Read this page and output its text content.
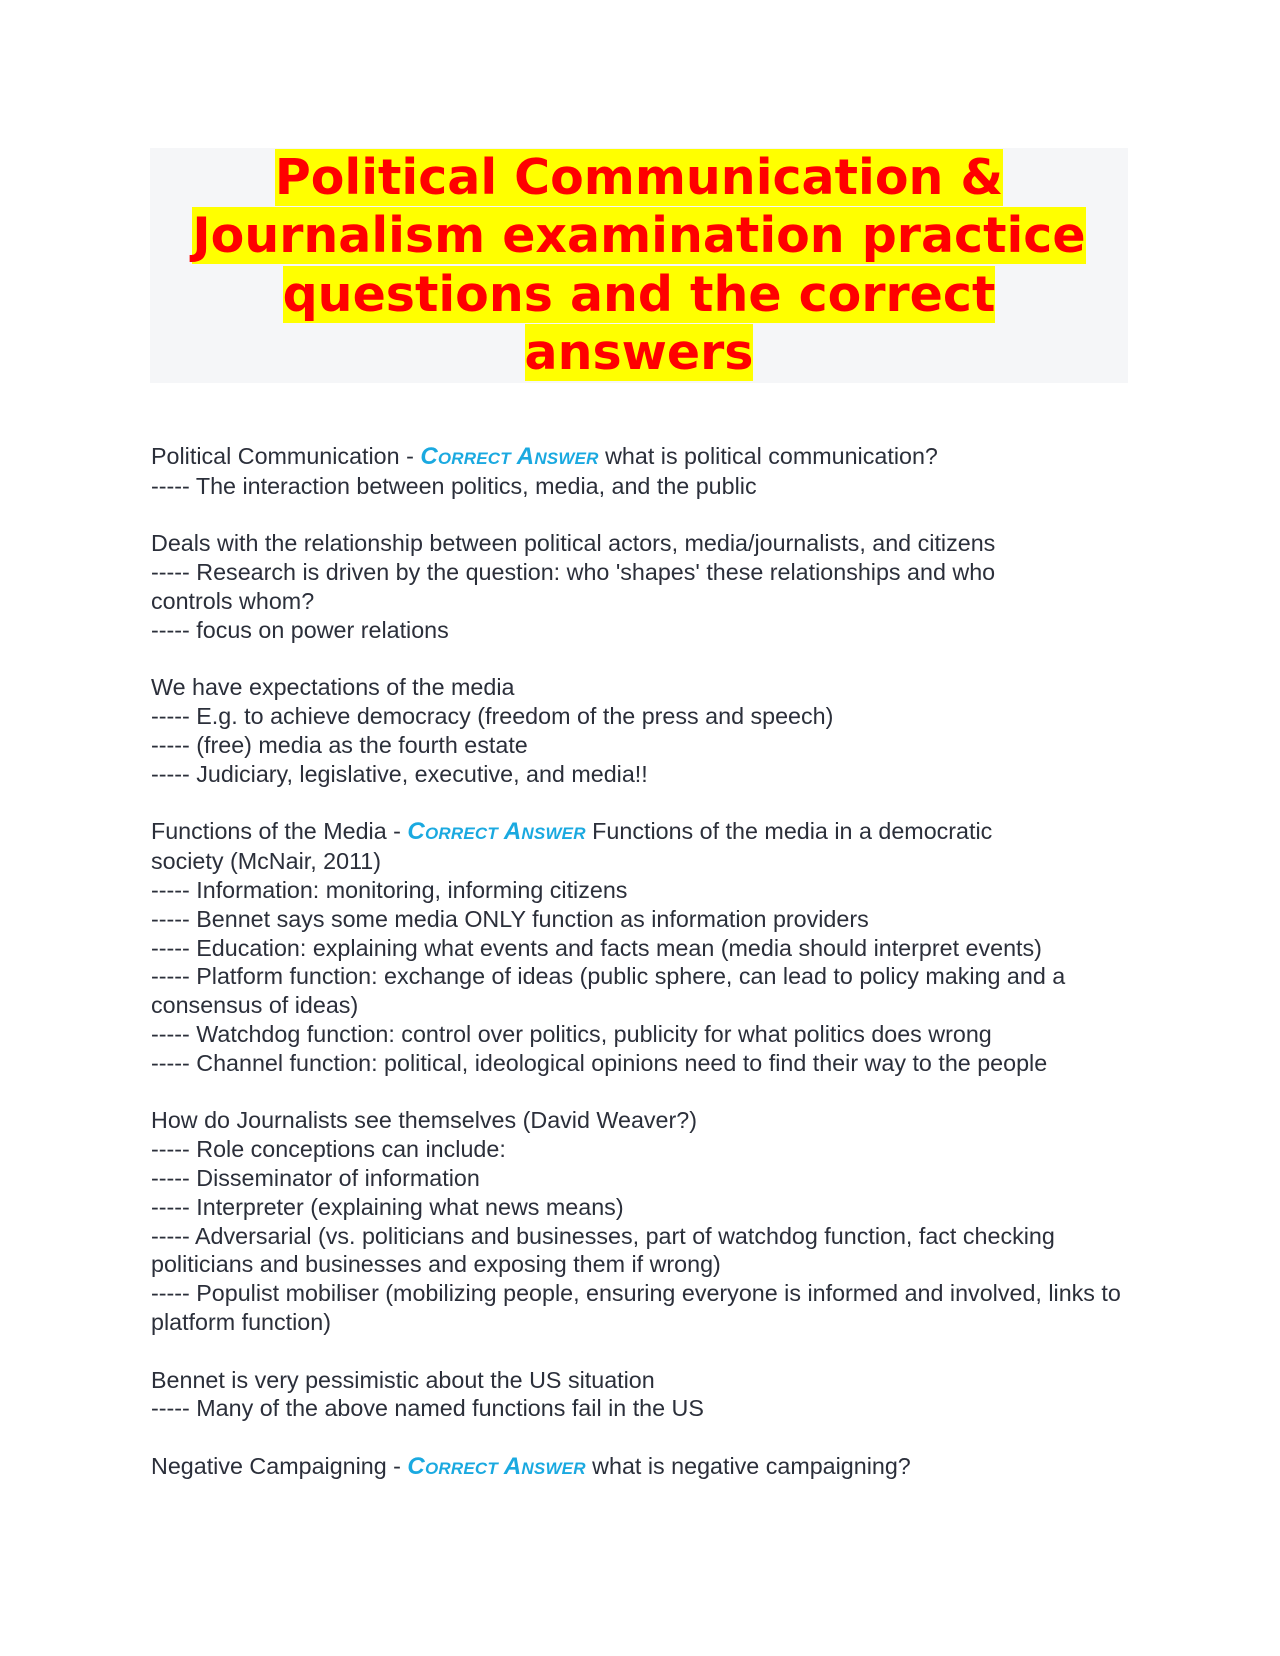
Political Communication & Journalism examination practice questions and the correct answers
Political Communication - Correct Answer what is political communication?
----- The interaction between politics, media, and the public
Deals with the relationship between political actors, media/journalists, and citizens
----- Research is driven by the question: who 'shapes' these relationships and who controls whom?
----- focus on power relations
We have expectations of the media
----- E.g. to achieve democracy (freedom of the press and speech)
----- (free) media as the fourth estate
----- Judiciary, legislative, executive, and media!!
Functions of the Media - Correct Answer Functions of the media in a democratic society (McNair, 2011)
----- Information: monitoring, informing citizens
----- Bennet says some media ONLY function as information providers
----- Education: explaining what events and facts mean (media should interpret events)
----- Platform function: exchange of ideas (public sphere, can lead to policy making and a consensus of ideas)
----- Watchdog function: control over politics, publicity for what politics does wrong
----- Channel function: political, ideological opinions need to find their way to the people
How do Journalists see themselves (David Weaver?)
----- Role conceptions can include:
----- Disseminator of information
----- Interpreter (explaining what news means)
----- Adversarial (vs. politicians and businesses, part of watchdog function, fact checking politicians and businesses and exposing them if wrong)
----- Populist mobiliser (mobilizing people, ensuring everyone is informed and involved, links to platform function)
Bennet is very pessimistic about the US situation
----- Many of the above named functions fail in the US
Negative Campaigning - Correct Answer what is negative campaigning?
